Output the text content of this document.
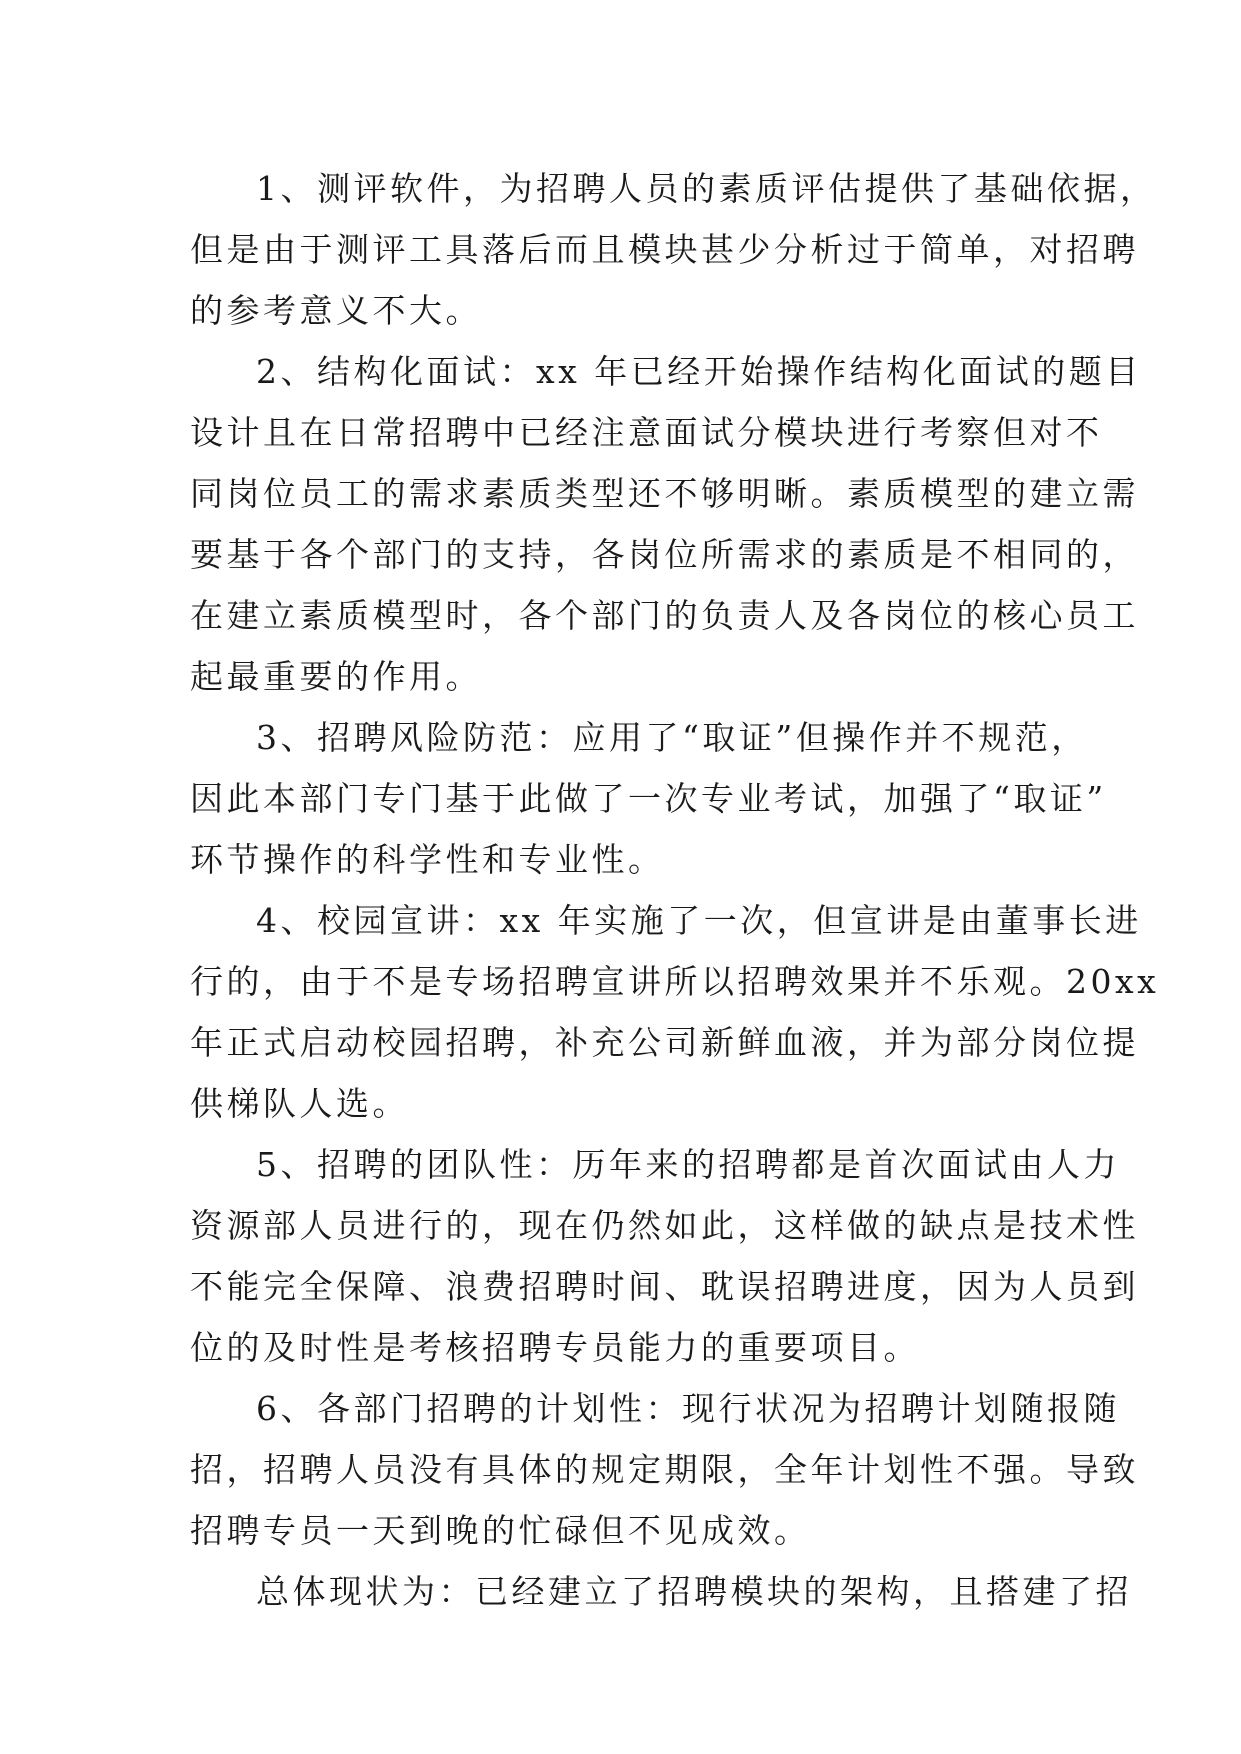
1、测评软件，为招聘人员的素质评估提供了基础依据，
但是由于测评工具落后而且模块甚少分析过于简单，对招聘
的参考意义不大。
2、结构化面试：xx 年已经开始操作结构化面试的题目
设计且在日常招聘中已经注意面试分模块进行考察但对不
同岗位员工的需求素质类型还不够明晰。素质模型的建立需
要基于各个部门的支持，各岗位所需求的素质是不相同的，
在建立素质模型时，各个部门的负责人及各岗位的核心员工
起最重要的作用。
3、招聘风险防范：应用了“取证”但操作并不规范，
因此本部门专门基于此做了一次专业考试，加强了“取证”
环节操作的科学性和专业性。
4、校园宣讲：xx 年实施了一次，但宣讲是由董事长进
行的，由于不是专场招聘宣讲所以招聘效果并不乐观。20xx
年正式启动校园招聘，补充公司新鲜血液，并为部分岗位提
供梯队人选。
5、招聘的团队性：历年来的招聘都是首次面试由人力
资源部人员进行的，现在仍然如此，这样做的缺点是技术性
不能完全保障、浪费招聘时间、耽误招聘进度，因为人员到
位的及时性是考核招聘专员能力的重要项目。
6、各部门招聘的计划性：现行状况为招聘计划随报随
招，招聘人员没有具体的规定期限，全年计划性不强。导致
招聘专员一天到晚的忙碌但不见成效。
总体现状为：已经建立了招聘模块的架构，且搭建了招
